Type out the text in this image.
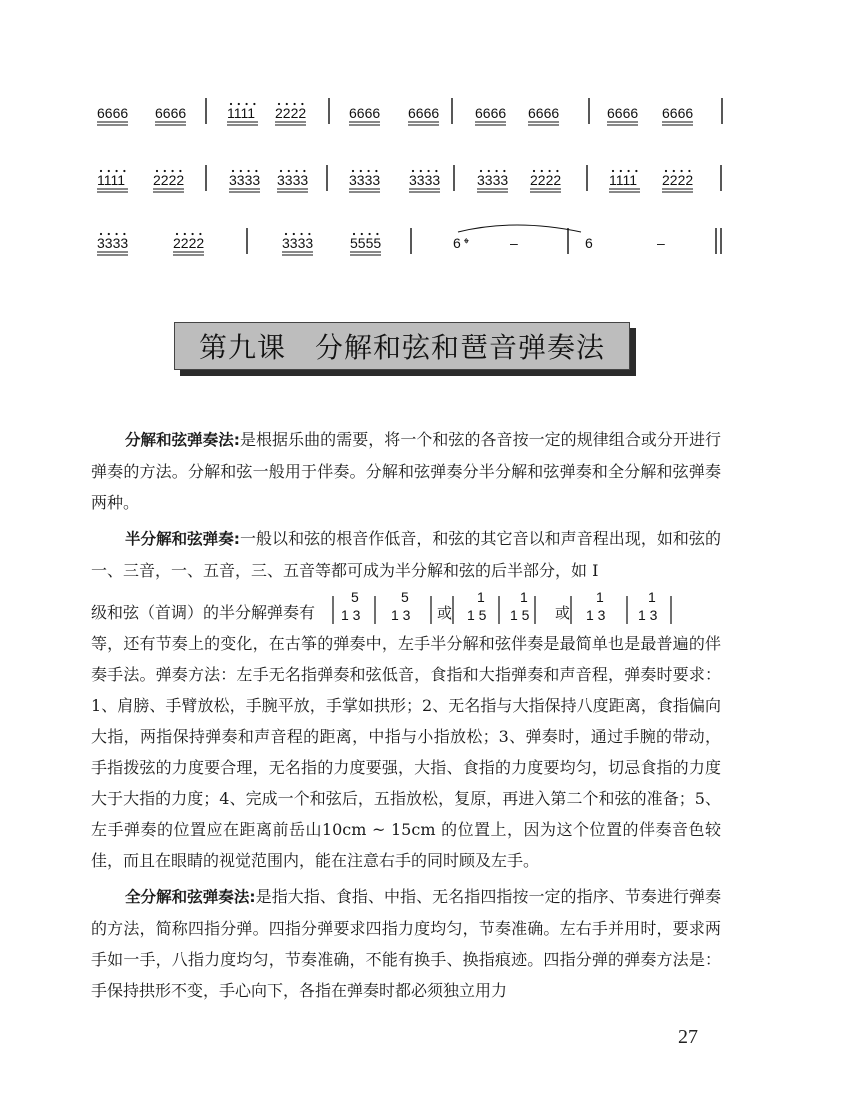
6666 6666	1111 2222	6666 6666	6666 6666	6666 6666
1111 2222	3333 3333	3333 3333	3333 2222	1111 2222
3333	2222	3333	5555	6 𝄌	–	6	–
第九课　分解和弦和琶音弹奏法

分解和弦弹奏法:是根据乐曲的需要，将一个和弦的各音按一定的规律组合或分开进行弹奏的方法。分解和弦一般用于伴奏。分解和弦弹奏分半分解和弦弹奏和全分解和弦弹奏两种。

半分解和弦弹奏:一般以和弦的根音作低音，和弦的其它音以和声音程出现，如和弦的一、三音，一、五音，三、五音等都可成为半分解和弦的后半部分，如 I
级和弦（首调）的半分解弹奏有
5
1 3
5
1 3
1
1 5
1
1 5
1
1 3
1
1 3
或	或

等，还有节奏上的变化，在古筝的弹奏中，左手半分解和弦伴奏是最简单也是最普遍的伴奏手法。弹奏方法：左手无名指弹奏和弦低音，食指和大指弹奏和声音程，弹奏时要求：1、肩膀、手臂放松，手腕平放，手掌如拱形；2、无名指与大指保持八度距离，食指偏向大指，两指保持弹奏和声音程的距离，中指与小指放松；3、弹奏时，通过手腕的带动，手指拨弦的力度要合理，无名指的力度要强，大指、食指的力度要均匀，切忌食指的力度大于大指的力度；4、完成一个和弦后，五指放松，复原，再进入第二个和弦的准备；5、左手弹奏的位置应在距离前岳山10cm ~ 15cm 的位置上，因为这个位置的伴奏音色较佳，而且在眼睛的视觉范围内，能在注意右手的同时顾及左手。

全分解和弦弹奏法:是指大指、食指、中指、无名指四指按一定的指序、节奏进行弹奏的方法，简称四指分弹。四指分弹要求四指力度均匀，节奏准确。左右手并用时，要求两手如一手，八指力度均匀，节奏准确，不能有换手、换指痕迹。四指分弹的弹奏方法是：手保持拱形不变，手心向下，各指在弹奏时都必须独立用力

27
